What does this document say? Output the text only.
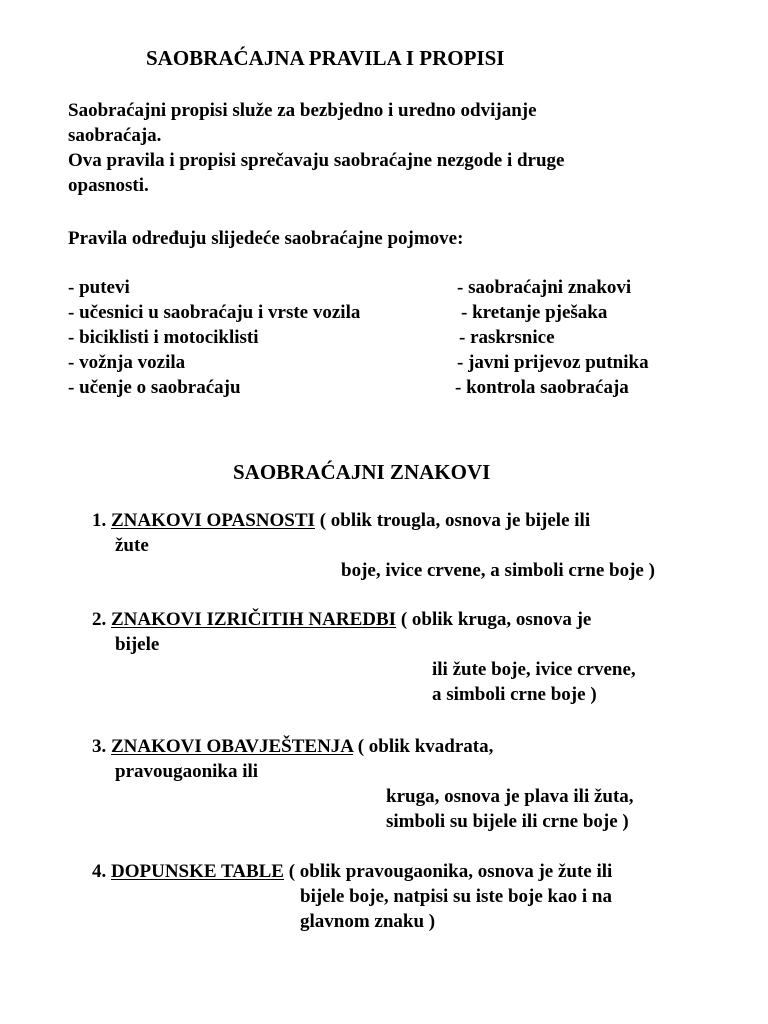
SAOBRAĆAJNA PRAVILA I PROPISI
Saobraćajni propisi služe za bezbjedno i uredno odvijanje
saobraćaja.
Ova pravila i propisi sprečavaju saobraćajne nezgode i druge
opasnosti.
Pravila određuju slijedeće saobraćajne pojmove:
- putevi
- učesnici u saobraćaju i vrste vozila
- biciklisti i motociklisti
- vožnja vozila
- učenje o saobraćaju
- saobraćajni znakovi
- kretanje pješaka
- raskrsnice
- javni prijevoz putnika
- kontrola saobraćaja
SAOBRAĆAJNI ZNAKOVI
1. ZNAKOVI OPASNOSTI ( oblik trougla, osnova je bijele ili
žute
boje, ivice crvene, a simboli crne boje )
2. ZNAKOVI IZRIČITIH NAREDBI ( oblik kruga, osnova je
bijele
ili žute boje, ivice crvene,
a simboli crne boje )
3. ZNAKOVI OBAVJEŠTENJA ( oblik kvadrata,
pravougaonika ili
kruga, osnova je plava ili žuta,
simboli su bijele ili crne boje )
4. DOPUNSKE TABLE ( oblik pravougaonika, osnova je žute ili
bijele boje, natpisi su iste boje kao i na
glavnom znaku )
